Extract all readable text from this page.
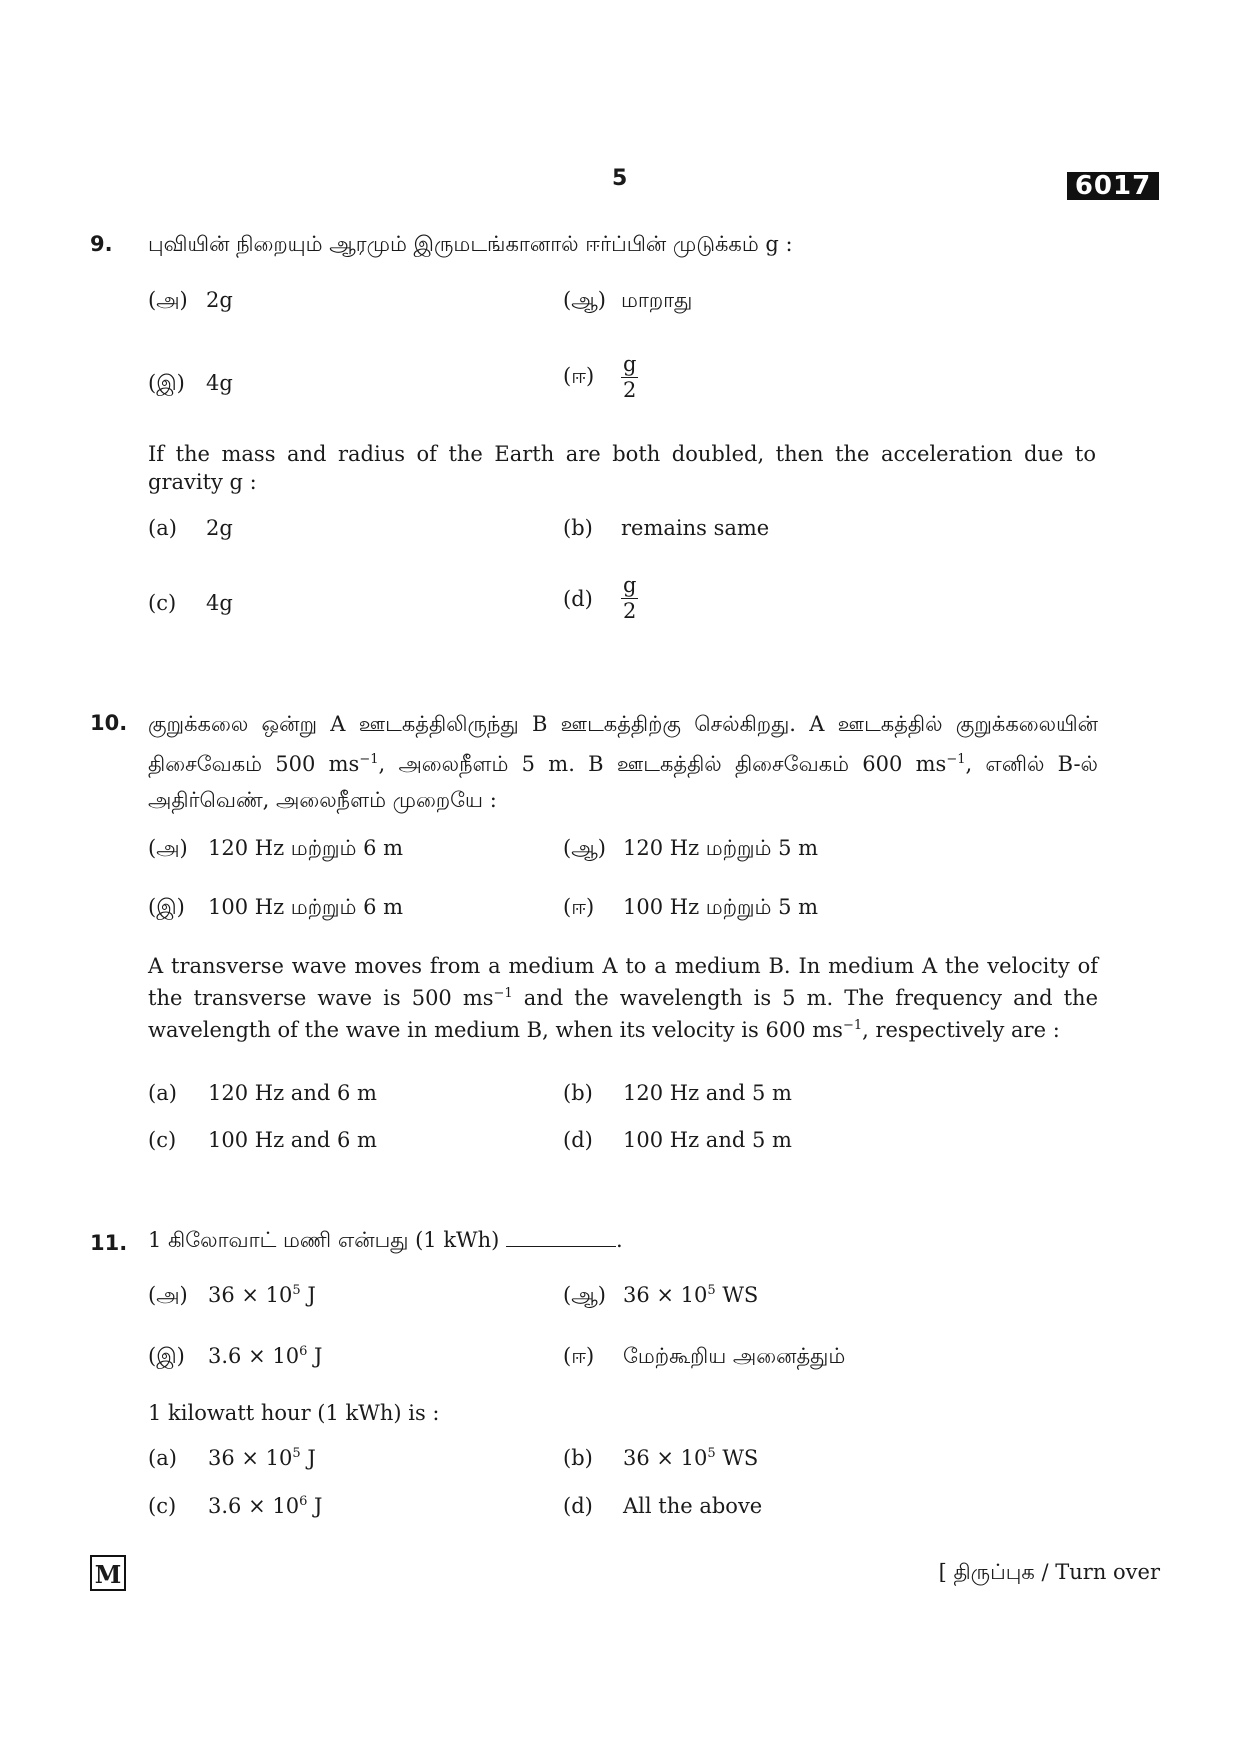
5	6017
9. புவியின் நிறையும் ஆரமும் இருமடங்கானால் ஈர்ப்பின் முடுக்கம் g :
(அ) 2g	(ஆ) மாறாது
(இ) 4g	(ஈ) $\frac{g}{2}$
If the mass and radius of the Earth are both doubled, then the acceleration due to gravity g :
(a) 2g	(b) remains same
(c) 4g	$(d) \frac{g}{2}$
10. குறுக்கலை ஒன்று A ஊடகத்திலிருந்து B ஊடகத்திற்கு செல்கிறது. A ஊடகத்தில் குறுக்கலையின் திசைவேகம் 500 $ms^{-1}$, அலைநீளம் 5 m. B ஊடகத்தில் திசைவேகம் 600 $ms^{-1}$, எனில் B-ல் அதிர்வெண், அலைநீளம் முறையே :
(அ) 120 Hz மற்றும் 6 m	(ஆ) 120 Hz மற்றும் 5 m
(இ) 100 Hz மற்றும் 6 m	(ஈ) 100 Hz மற்றும் 5 m
A transverse wave moves from a medium A to a medium B. In medium A the velocity of the transverse wave is 500 $ms^{-1}$ and the wavelength is 5 m. The frequency and the wavelength of the wave in medium B, when its velocity is 600 $ms^{-1}$, respectively are :
(a) 120 Hz and 6 m	(b) 120 Hz and 5 m
(c) 100 Hz and 6 m	(d) 100 Hz and 5 m
11. 1 கிலோவாட் மணி என்பது (1 kWh)	.
(அ) $36 \times 10^5$ J	(ஆ) $36 \times 10^5$ WS
(இ) $3.6 \times 10^6$ J	(ஈ) மேற்கூறிய அனைத்தும்
1 kilowatt hour (1 kWh) is :
(a) $36 \times 10^5$ J	(b) $36 \times 10^5$ WS
(c) $3.6 \times 10^6$ J	(d) All the above
M	[ திருப்புக / Turn over
